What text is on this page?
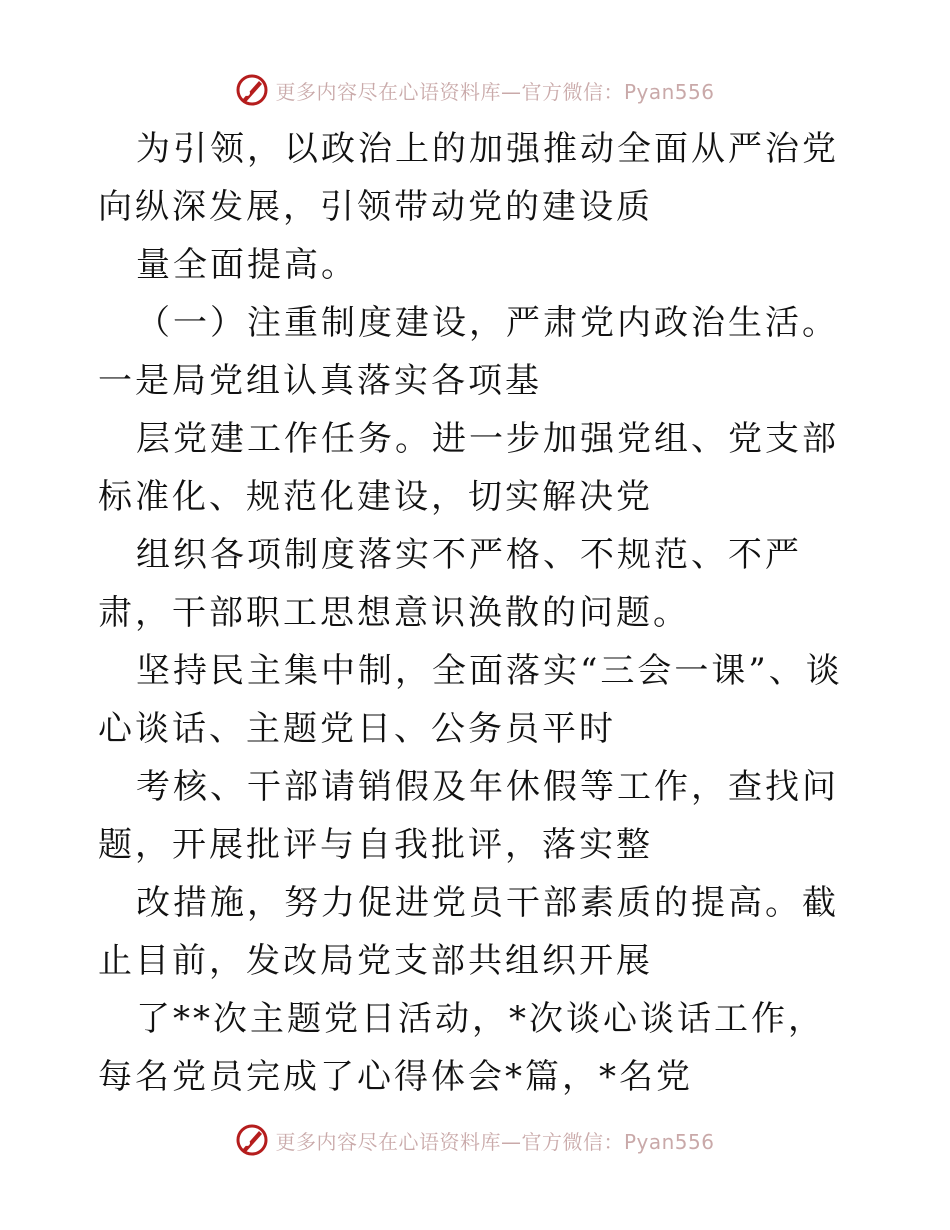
更多内容尽在心语资料库—官方微信：Pyan556

为引领，以政治上的加强推动全面从严治党向纵深发展，引领带动党的建设质

量全面提高。

（一）注重制度建设，严肃党内政治生活。一是局党组认真落实各项基

层党建工作任务。进一步加强党组、党支部标准化、规范化建设，切实解决党

组织各项制度落实不严格、不规范、不严肃，干部职工思想意识涣散的问题。

坚持民主集中制，全面落实“三会一课”、谈心谈话、主题党日、公务员平时

考核、干部请销假及年休假等工作，查找问题，开展批评与自我批评，落实整

改措施，努力促进党员干部素质的提高。截止目前，发改局党支部共组织开展

了**次主题党日活动，*次谈心谈话工作，每名党员完成了心得体会*篇，*名党

更多内容尽在心语资料库—官方微信：Pyan556
